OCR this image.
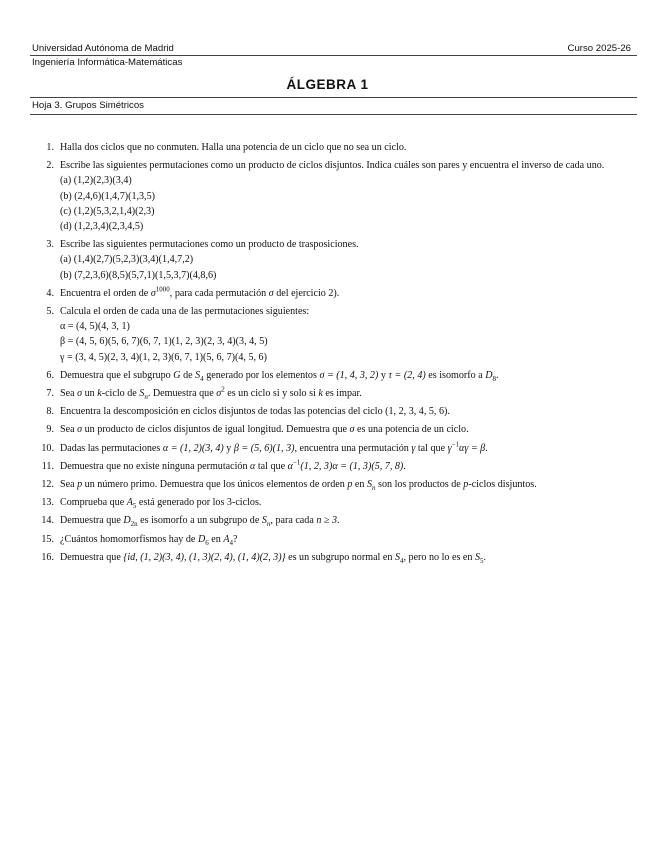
Universidad Autónoma de Madrid	Curso 2025-26
Ingeniería Informática-Matemáticas
ÁLGEBRA 1
Hoja 3. Grupos Simétricos
1. Halla dos ciclos que no conmuten. Halla una potencia de un ciclo que no sea un ciclo.
2. Escribe las siguientes permutaciones como un producto de ciclos disjuntos. Indica cuáles son pares y encuentra el inverso de cada uno.
(a) (1,2)(2,3)(3,4)
(b) (2,4,6)(1,4,7)(1,3,5)
(c) (1,2)(5,3,2,1,4)(2,3)
(d) (1,2,3,4)(2,3,4,5)
3. Escribe las siguientes permutaciones como un producto de trasposiciones.
(a) (1,4)(2,7)(5,2,3)(3,4)(1,4,7,2)
(b) (7,2,3,6)(8,5)(5,7,1)(1,5,3,7)(4,8,6)
4. Encuentra el orden de $\sigma^{1000}$, para cada permutación σ del ejercicio 2).
5. Calcula el orden de cada una de las permutaciones siguientes:
α = (4, 5)(4, 3, 1)
β = (4, 5, 6)(5, 6, 7)(6, 7, 1)(1, 2, 3)(2, 3, 4)(3, 4, 5)
γ = (3, 4, 5)(2, 3, 4)(1, 2, 3)(6, 7, 1)(5, 6, 7)(4, 5, 6)
6. Demuestra que el subgrupo G de $S_4$ generado por los elementos σ = (1, 4, 3, 2) y τ = (2, 4) es isomorfo a $D_8$.
7. Sea σ un k-ciclo de $S_n$. Demuestra que $\sigma^2$ es un ciclo si y solo si k es impar.
8. Encuentra la descomposición en ciclos disjuntos de todas las potencias del ciclo (1, 2, 3, 4, 5, 6).
9. Sea σ un producto de ciclos disjuntos de igual longitud. Demuestra que σ es una potencia de un ciclo.
10. Dadas las permutaciones α = (1, 2)(3, 4) y β = (5, 6)(1, 3), encuentra una permutación γ tal que $\gamma^{-1}\alpha\gamma = \beta$.
11. Demuestra que no existe ninguna permutación α tal que $\alpha^{-1}(1$, 2, 3)α = (1, 3)(5, 7, 8).
12. Sea p un número primo. Demuestra que los únicos elementos de orden p en $S_n$ son los productos de p-ciclos disjuntos.
13. Comprueba que $A_5$ está generado por los 3-ciclos.
14. Demuestra que $D_{2n}$ es isomorfo a un subgrupo de $S_n$, para cada n ≥ 3.
15. ¿Cuántos homomorfismos hay de $D_6$ en $A_4$?
16. Demuestra que {id, (1, 2)(3, 4), (1, 3)(2, 4), (1, 4)(2, 3)} es un subgrupo normal en $S_4$, pero no lo es en $S_5$.
